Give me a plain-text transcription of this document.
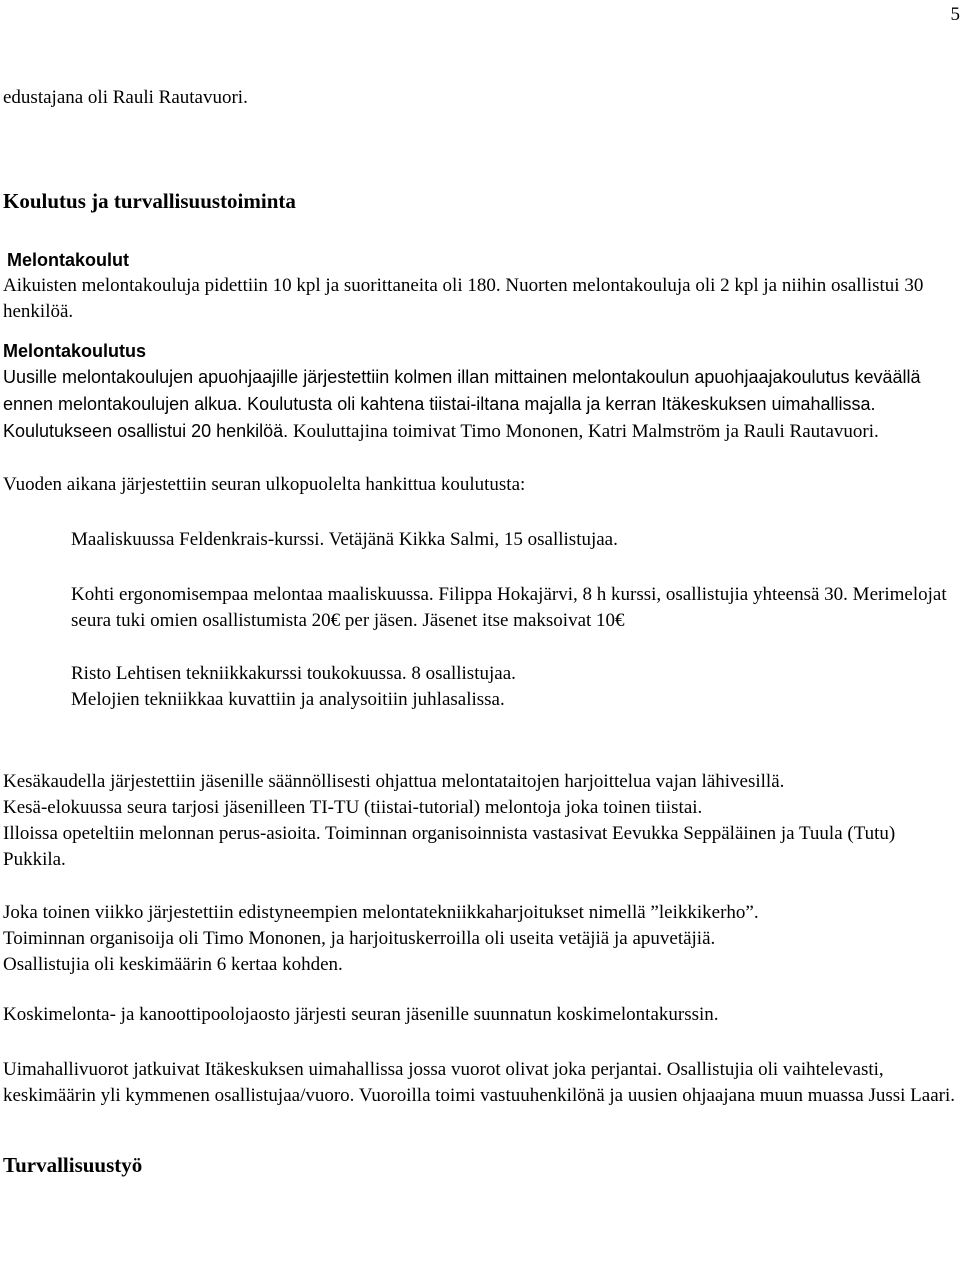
5

edustajana oli Rauli Rautavuori.

Koulutus ja turvallisuustoiminta

Melontakoulut

Aikuisten melontakouluja pidettiin 10 kpl ja suorittaneita oli 180. Nuorten melontakouluja oli 2 kpl ja niihin osallistui 30 henkilöä.

Melontakoulutus

Uusille melontakoulujen apuohjaajille järjestettiin kolmen illan mittainen melontakoulun apuohjaajakoulutus keväällä ennen melontakoulujen alkua. Koulutusta oli kahtena tiistai-iltana majalla ja kerran Itäkeskuksen uimahallissa. Koulutukseen osallistui 20 henkilöä. Kouluttajina toimivat Timo Mononen, Katri Malmström ja Rauli Rautavuori.

Vuoden aikana järjestettiin seuran ulkopuolelta hankittua koulutusta:

Maaliskuussa Feldenkrais-kurssi. Vetäjänä Kikka Salmi, 15 osallistujaa.

Kohti ergonomisempaa melontaa maaliskuussa. Filippa Hokajärvi, 8 h kurssi, osallistujia yhteensä 30. Merimelojat seura tuki omien osallistumista 20€ per jäsen. Jäsenet itse maksoivat 10€

Risto Lehtisen tekniikkakurssi toukokuussa. 8 osallistujaa.

Melojien tekniikkaa kuvattiin ja analysoitiin juhlasalissa.

Kesäkaudella järjestettiin jäsenille säännöllisesti ohjattua melontataitojen harjoittelua vajan lähivesillä.

Kesä-elokuussa seura tarjosi jäsenilleen TI-TU (tiistai-tutorial) melontoja joka toinen tiistai.

Illoissa opeteltiin melonnan perus-asioita. Toiminnan organisoinnista vastasivat Eevukka Seppäläinen ja Tuula (Tutu) Pukkila.

Joka toinen viikko järjestettiin edistyneempien melontatekniikkaharjoitukset nimellä ”leikkikerho”.

Toiminnan organisoija oli Timo Mononen, ja harjoituskerroilla oli useita vetäjiä ja apuvetäjiä.

Osallistujia oli keskimäärin 6 kertaa kohden.

Koskimelonta- ja kanoottipoolojaosto järjesti seuran jäsenille suunnatun koskimelontakurssin.

Uimahallivuorot jatkuivat Itäkeskuksen uimahallissa jossa vuorot olivat joka perjantai. Osallistujia oli vaihtelevasti, keskimäärin yli kymmenen osallistujaa/vuoro. Vuoroilla toimi vastuuhenkilönä ja uusien ohjaajana muun muassa Jussi Laari.

Turvallisuustyö
